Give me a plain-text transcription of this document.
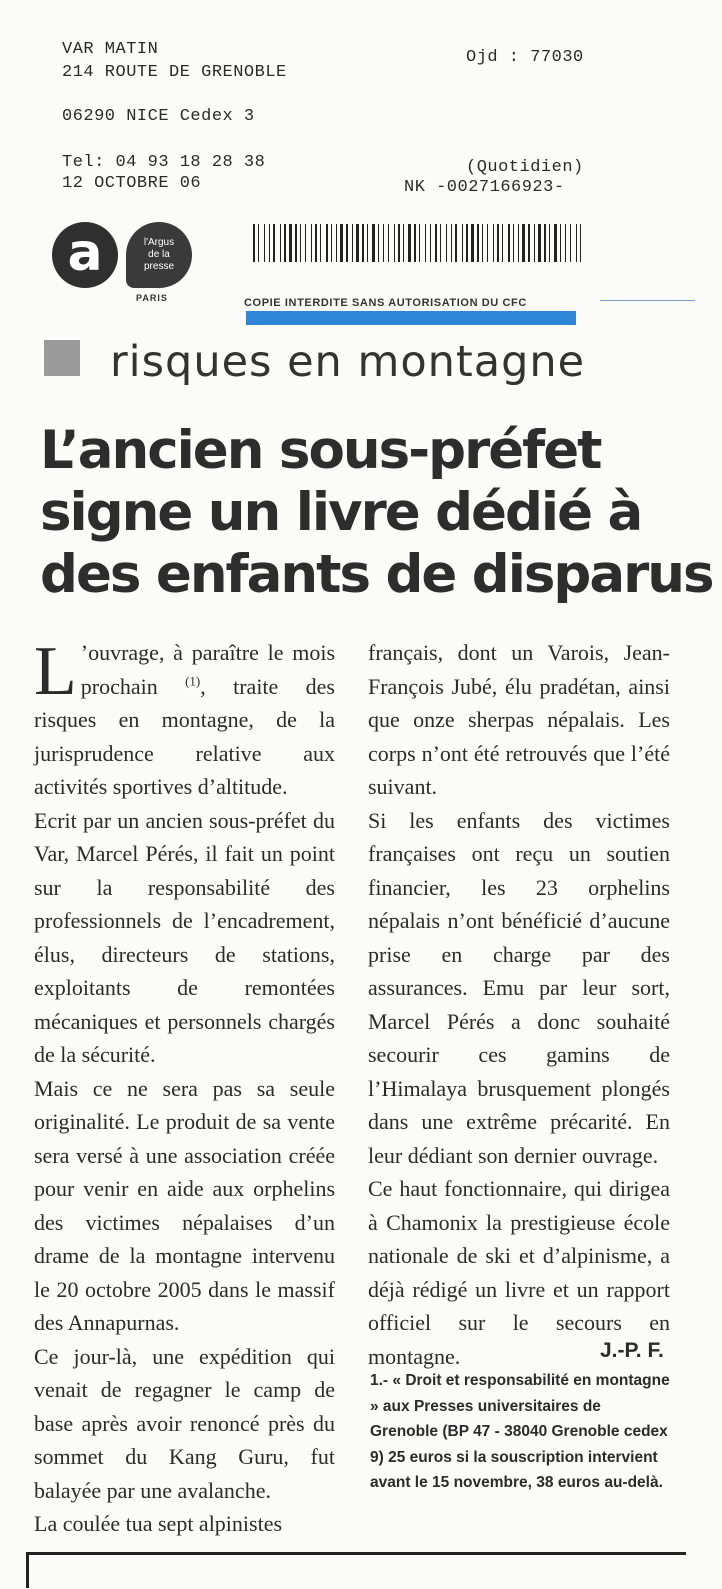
VAR MATIN
214 ROUTE DE GRENOBLE
06290 NICE Cedex 3
Tel: 04 93 18 28 38
12 OCTOBRE 06
Ojd : 77030
(Quotidien)
NK -0027166923-
a	l'Argus
de la
presse
PARIS	COPIE INTERDITE SANS AUTORISATION DU CFC
risques en montagne
L’ancien sous-préfet
signe un livre dédié à
des enfants de disparus

L ’ouvrage, à paraître le mois prochain $^{(1)}$, traite des risques en montagne, de la jurisprudence relative aux activités sportives d’altitude.

Ecrit par un ancien sous-préfet du Var, Marcel Pérés, il fait un point sur la responsabilité des professionnels de l’encadrement, élus, directeurs de stations, exploitants de remontées mécaniques et personnels chargés de la sécurité.

Mais ce ne sera pas sa seule originalité. Le produit de sa vente sera versé à une association créée pour venir en aide aux orphelins des victimes népalaises d’un drame de la montagne intervenu le 20 octobre 2005 dans le massif des Annapurnas.

Ce jour-là, une expédition qui venait de regagner le camp de base après avoir renoncé près du sommet du Kang Guru, fut balayée par une avalanche.

La coulée tua sept alpinistes

français, dont un Varois, Jean-François Jubé, élu pradétan, ainsi que onze sherpas népalais. Les corps n’ont été retrouvés que l’été suivant.

Si les enfants des victimes françaises ont reçu un soutien financier, les 23 orphelins népalais n’ont bénéficié d’aucune prise en charge par des assurances. Emu par leur sort, Marcel Pérés a donc souhaité secourir ces gamins de l’Himalaya brusquement plongés dans une extrême précarité. En leur dédiant son dernier ouvrage.

Ce haut fonctionnaire, qui dirigea à Chamonix la prestigieuse école nationale de ski et d’alpinisme, a déjà rédigé un livre et un rapport officiel sur le secours en montagne.	J.-P. F.
1.- « Droit et responsabilité en montagne » aux Presses universitaires de Grenoble (BP 47 - 38040 Grenoble cedex 9) 25 euros si la souscription intervient avant le 15 novembre, 38 euros au-delà.
